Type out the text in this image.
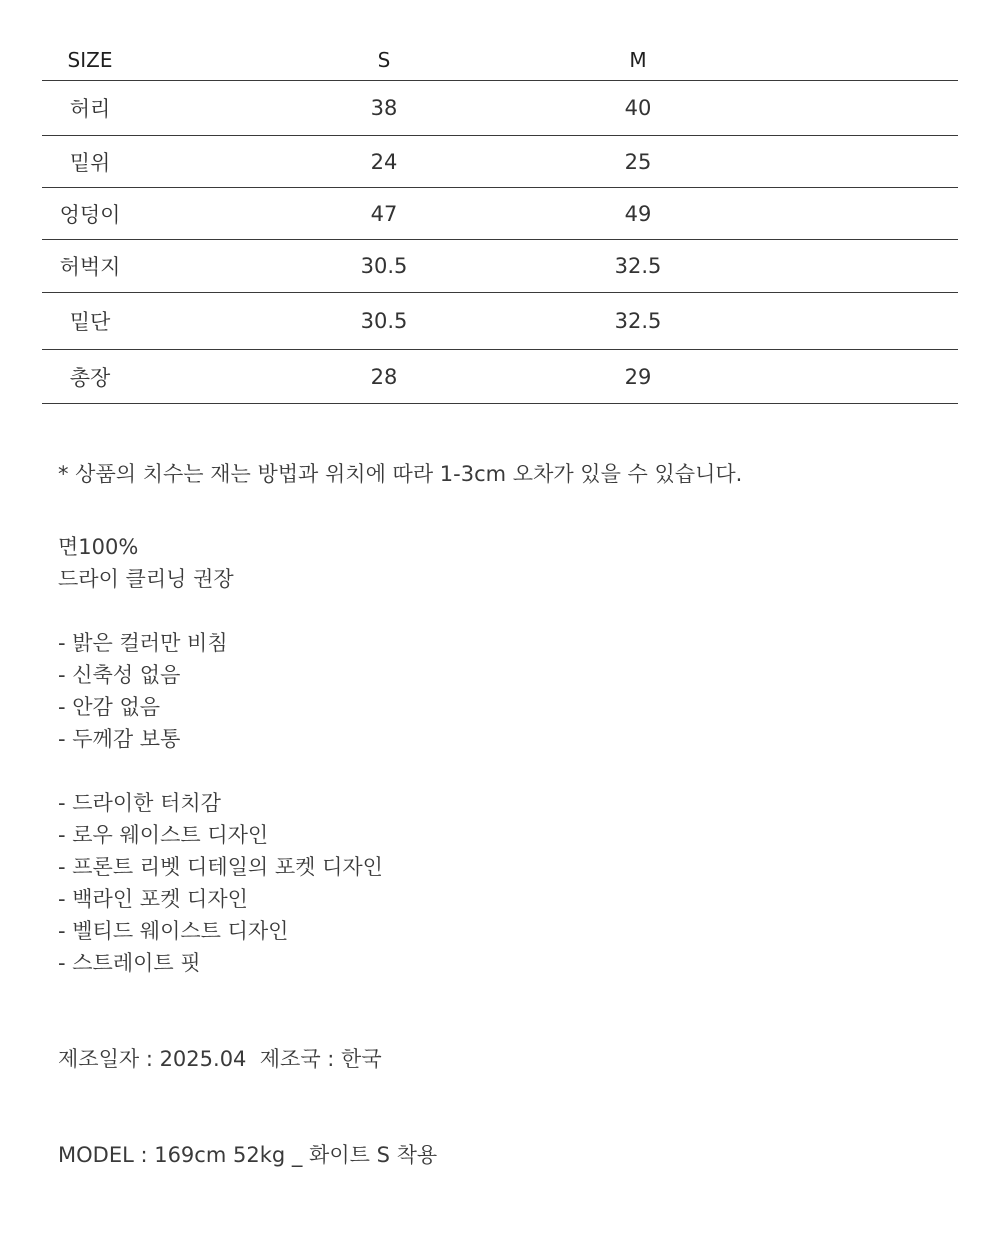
SIZE	S	M
허리	38	40
밑위	24	25
엉덩이	47	49
허벅지	30.5	32.5
밑단	30.5	32.5
총장	28	29
* 상품의 치수는 재는 방법과 위치에 따라 1-3cm 오차가 있을 수 있습니다.
면100%
드라이 클리닝 권장
- 밝은 컬러만 비침
- 신축성 없음
- 안감 없음
- 두께감 보통
- 드라이한 터치감
- 로우 웨이스트 디자인
- 프론트 리벳 디테일의 포켓 디자인
- 백라인 포켓 디자인
- 벨티드 웨이스트 디자인
- 스트레이트 핏
제조일자 : 2025.04  제조국 : 한국
MODEL : 169cm 52kg _ 화이트 S 착용
